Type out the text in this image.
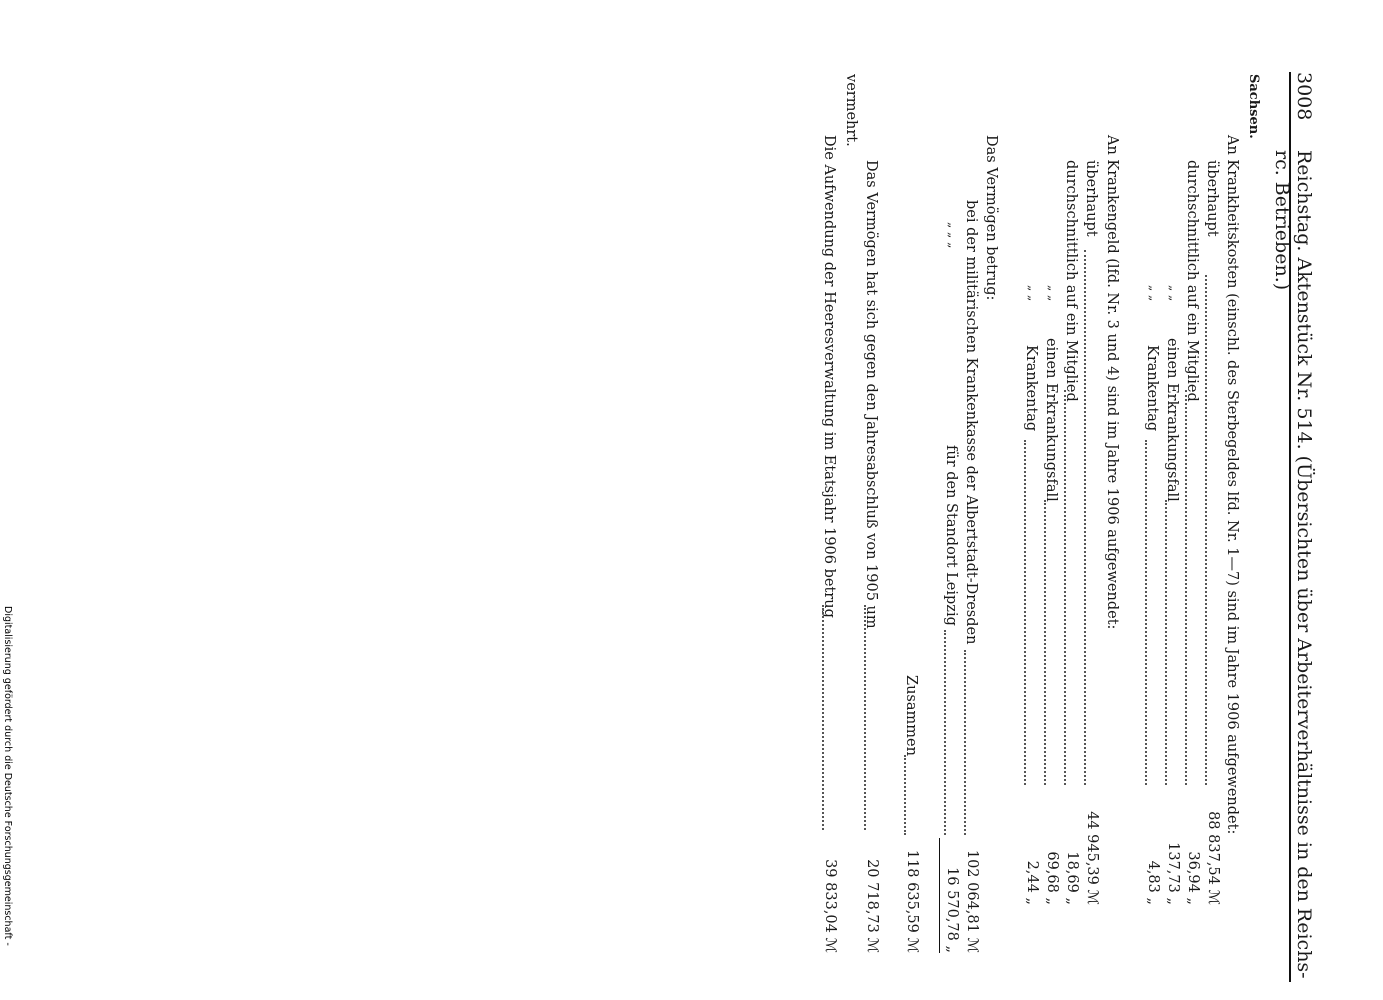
3008
Reichstag. Aktenstück Nr. 514. (Übersichten über Arbeiterverhältnisse in den Reichs- rc. Betrieben.)
Sachsen.
An Krankheitskosten (einschl. des Sterbegeldes lfd. Nr. 1—7) sind im Jahre 1906 aufgewendet:
überhaupt
88 837,54 ℳ
durchschnittlich auf ein Mitglied
36,94 „
„ „
einen Erkrankungsfall
137,73 „
„ „
Krankentag
4,83 „
An Krankengeld (lfd. Nr. 3 und 4) sind im Jahre 1906 aufgewendet:
überhaupt
44 945,39 ℳ
durchschnittlich auf ein Mitglied
18,69 „
„ „
einen Erkrankungsfall
69,68 „
„ „
Krankentag
2,44 „
Das Vermögen betrug:
bei der militärischen Krankenkasse der Albertstadt-Dresden
102 064,81 ℳ
„ „ „
für den Standort Leipzig
16 570,78 „
Zusammen
118 635,59 ℳ
Das Vermögen hat sich gegen den Jahresabschluß von 1905 um
20 718,73 ℳ
vermehrt.
Die Aufwendung der Heeresverwaltung im Etatsjahr 1906 betrug
39 833,04 ℳ
Digitalisierung gefördert durch die Deutsche Forschungsgemeinschaft -
